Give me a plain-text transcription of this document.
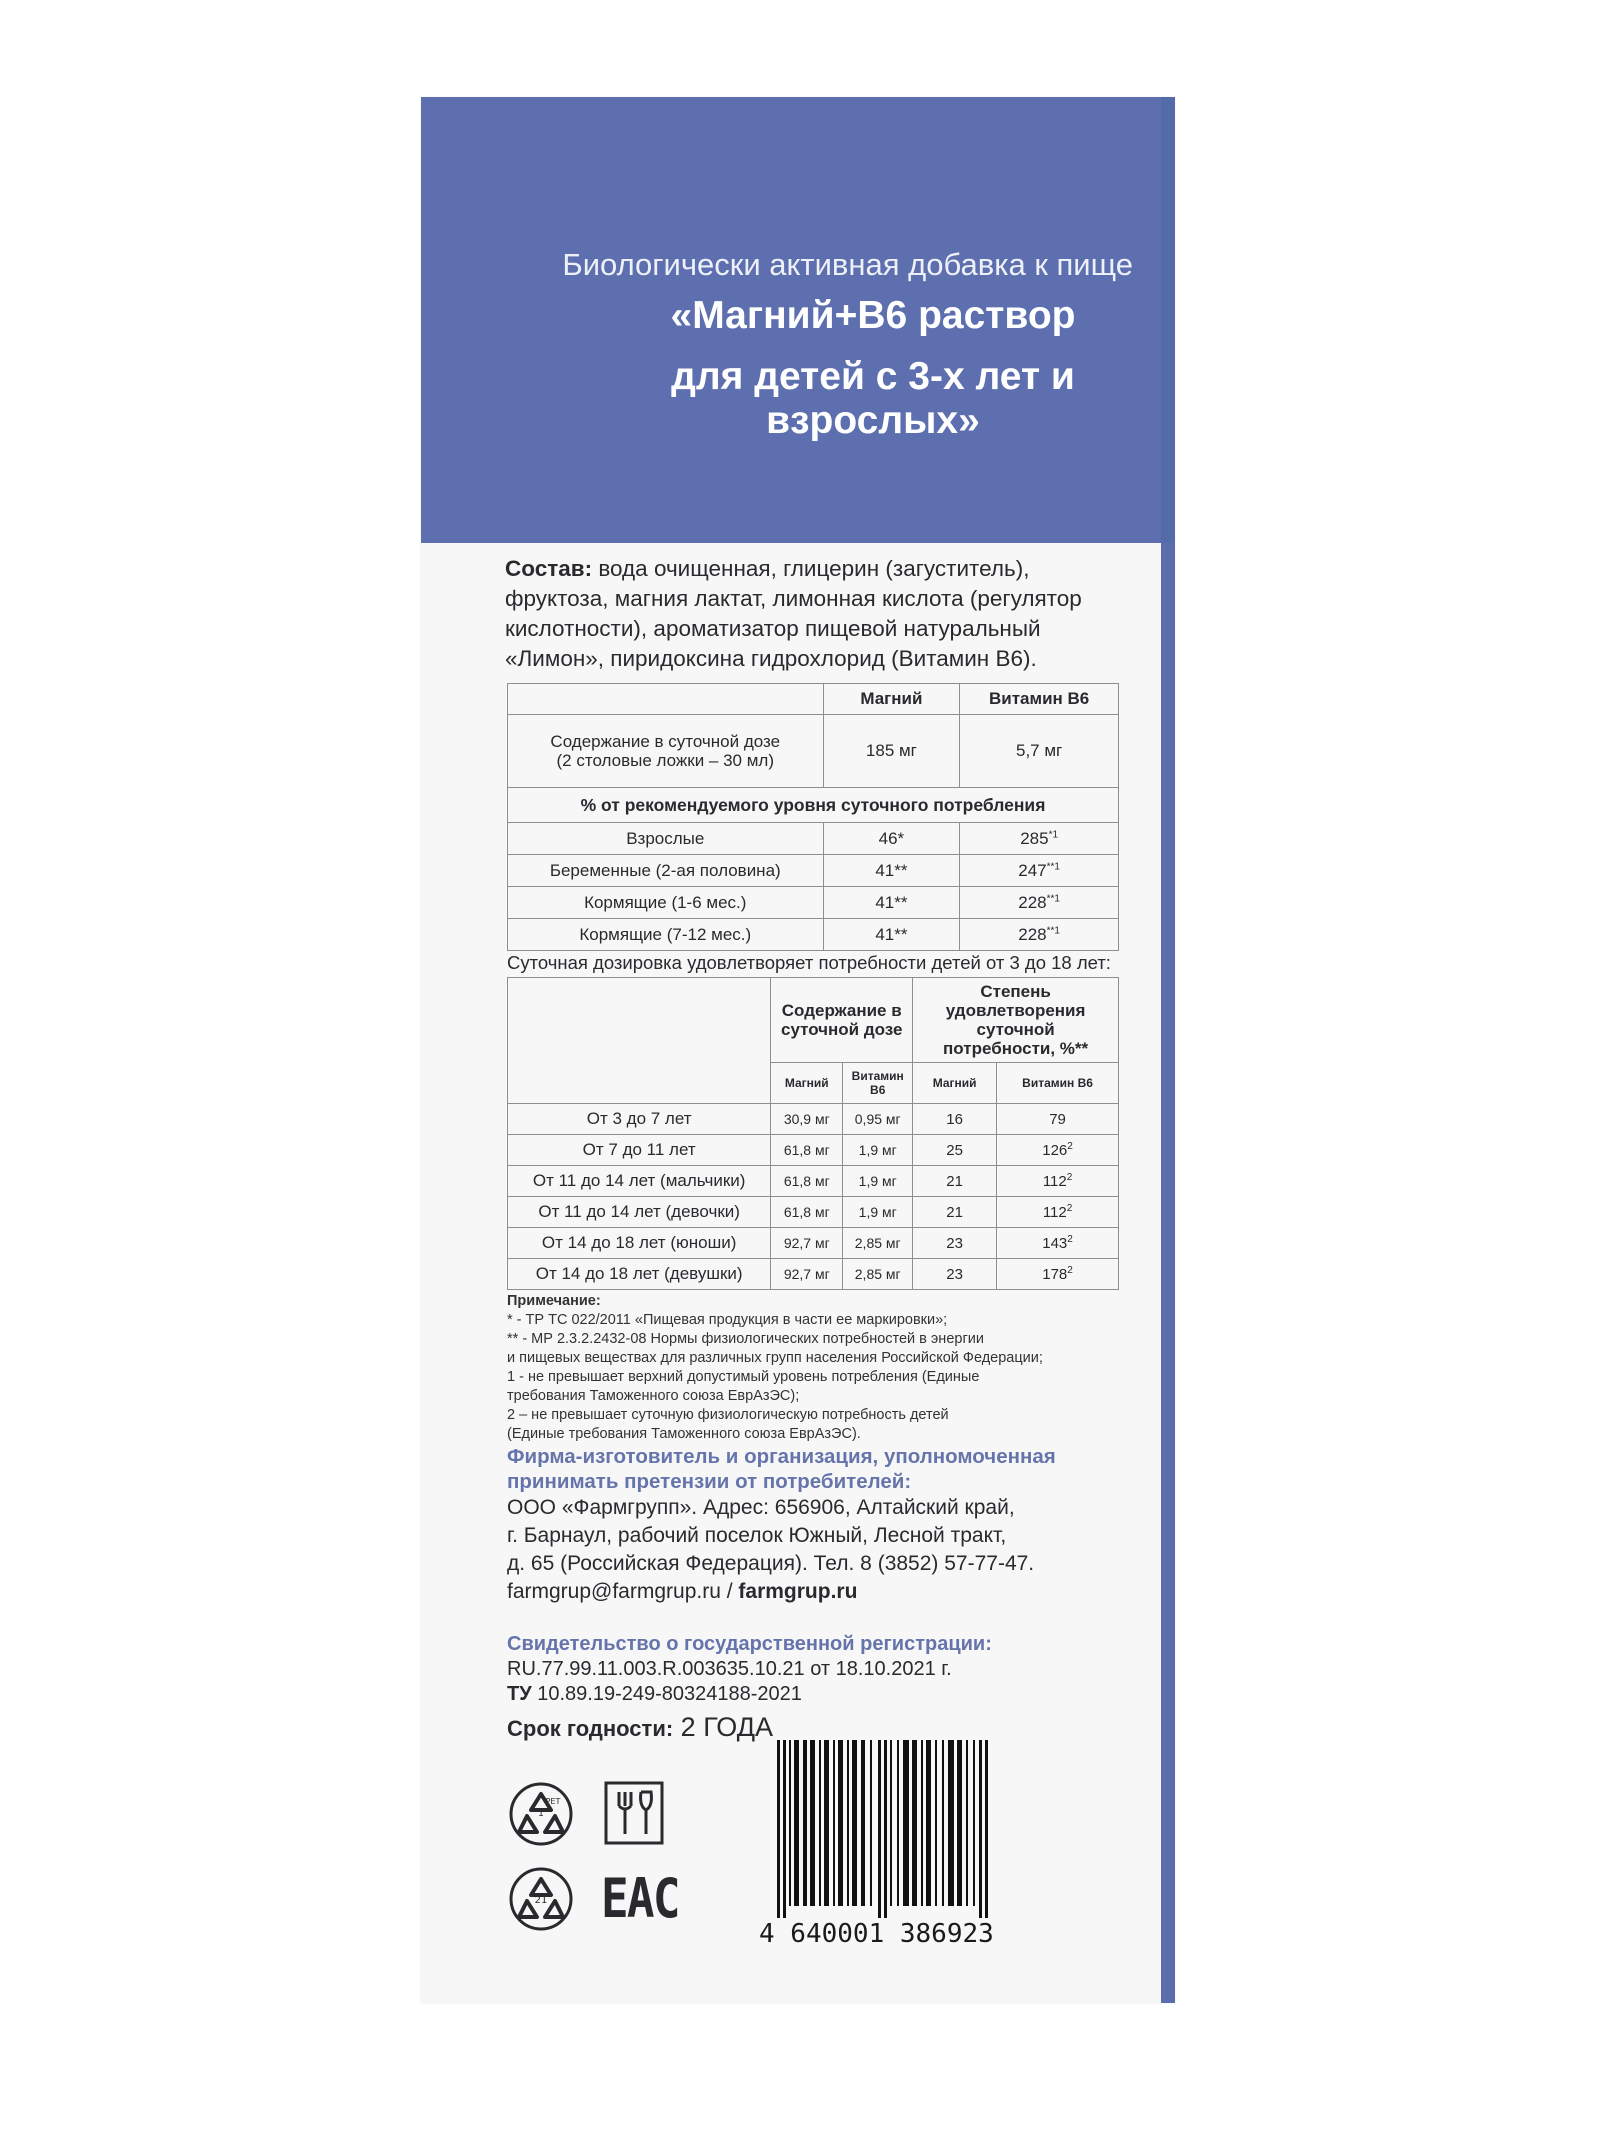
Биологически активная добавка к пище
«Магний+B6 раствор
для детей с 3-х лет и взрослых»
Состав: вода очищенная, глицерин (загуститель), фруктоза, магния лактат, лимонная кислота (регулятор кислотности), ароматизатор пищевой натуральный «Лимон», пиридоксина гидрохлорид (Витамин B6).
	Магний	Витамин B6
Содержание в суточной дозе (2 столовые ложки – 30 мл)	185 мг	5,7 мг
% от рекомендуемого уровня суточного потребления		
Взрослые	46*	285$^{*1}$
Беременные (2-ая половина)	41**	247$^{**1}$
Кормящие (1-6 мес.)	41**	228$^{**1}$
Кормящие (7-12 мес.)	41**	228$^{**1}$
Суточная дозировка удовлетворяет потребности детей от 3 до 18 лет:
	Содержание в суточной дозе		Степень удовлетворения суточной потребности, %**	
	Магний	Витамин B6	Магний	Витамин B6
От 3 до 7 лет	30,9 мг	0,95 мг	16	79
От 7 до 11 лет	61,8 мг	1,9 мг	25	$126^2$
От 11 до 14 лет (мальчики)	61,8 мг	1,9 мг	21	$112^2$
От 11 до 14 лет (девочки)	61,8 мг	1,9 мг	21	$112^2$
От 14 до 18 лет (юноши)	92,7 мг	2,85 мг	23	$143^2$
От 14 до 18 лет (девушки)	92,7 мг	2,85 мг	23	$178^2$
Примечание:
* - ТР ТС 022/2011 «Пищевая продукция в части ее маркировки»;
** - МР 2.3.2.2432-08 Нормы физиологических потребностей в энергии
и пищевых веществах для различных групп населения Российской Федерации;
1 - не превышает верхний допустимый уровень потребления (Единые
требования Таможенного союза ЕврАзЭС);
2 – не превышает суточную физиологическую потребность детей
(Единые требования Таможенного союза ЕврАзЭС).
Фирма-изготовитель и организация, уполномоченная принимать претензии от потребителей:
ООО «Фармгрупп». Адрес: 656906, Алтайский край,
г. Барнаул, рабочий поселок Южный, Лесной тракт,
д. 65 (Российская Федерация). Тел. 8 (3852) 57-77-47.
farmgrup@farmgrup.ru / farmgrup.ru
Свидетельство о государственной регистрации:
RU.77.99.11.003.R.003635.10.21 от 18.10.2021 г.
ТУ 10.89.19-249-80324188-2021
Срок годности: 2 ГОДА
1
PET
21 EAC
4 640001 386923
